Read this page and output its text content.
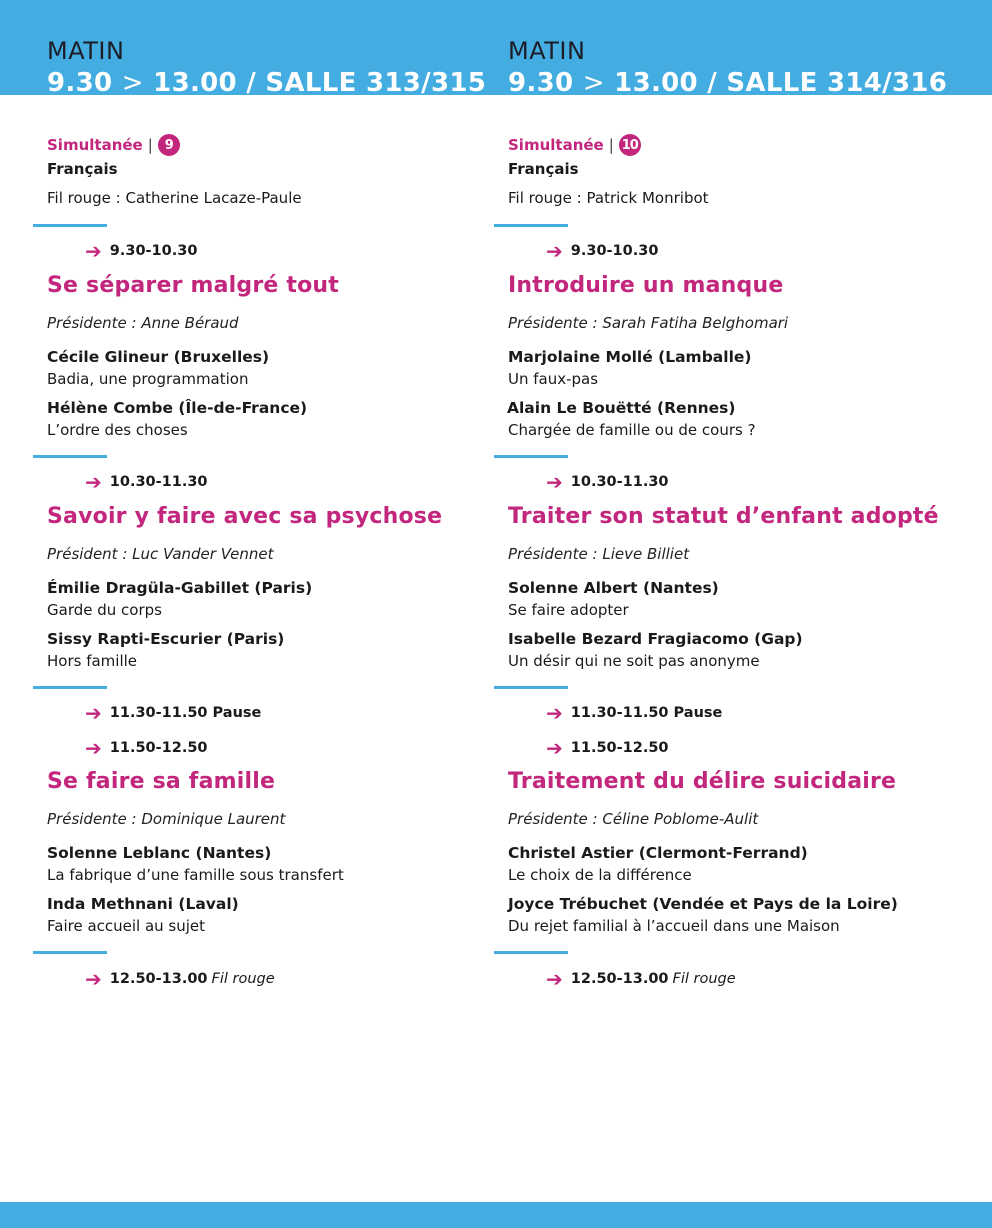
MATIN
9.30 > 13.00 / SALLE 313/315
Simultanée | 9
Français
Fil rouge : Catherine Lacaze-Paule
➔ 9.30-10.30
Se séparer malgré tout
Présidente : Anne Béraud
Cécile Glineur (Bruxelles)
Badia, une programmation
Hélène Combe (Île-de-France)
L’ordre des choses
➔ 10.30-11.30
Savoir y faire avec sa psychose
Président : Luc Vander Vennet
Émilie Dragüla-Gabillet (Paris)
Garde du corps
Sissy Rapti-Escurier (Paris)
Hors famille
➔ 11.30-11.50 Pause
➔ 11.50-12.50
Se faire sa famille
Présidente : Dominique Laurent
Solenne Leblanc (Nantes)
La fabrique d’une famille sous transfert
Inda Methnani (Laval)
Faire accueil au sujet
➔ 12.50-13.00 Fil rouge
MATIN
9.30 > 13.00 / SALLE 314/316
Simultanée | 10
Français
Fil rouge : Patrick Monribot
➔ 9.30-10.30
Introduire un manque
Présidente : Sarah Fatiha Belghomari
Marjolaine Mollé (Lamballe)
Un faux-pas
Alain Le Bouëtté (Rennes)
Chargée de famille ou de cours ?
➔ 10.30-11.30
Traiter son statut d’enfant adopté
Présidente : Lieve Billiet
Solenne Albert (Nantes)
Se faire adopter
Isabelle Bezard Fragiacomo (Gap)
Un désir qui ne soit pas anonyme
➔ 11.30-11.50 Pause
➔ 11.50-12.50
Traitement du délire suicidaire
Présidente : Céline Poblome-Aulit
Christel Astier (Clermont-Ferrand)
Le choix de la différence
Joyce Trébuchet (Vendée et Pays de la Loire)
Du rejet familial à l’accueil dans une Maison
➔ 12.50-13.00 Fil rouge
